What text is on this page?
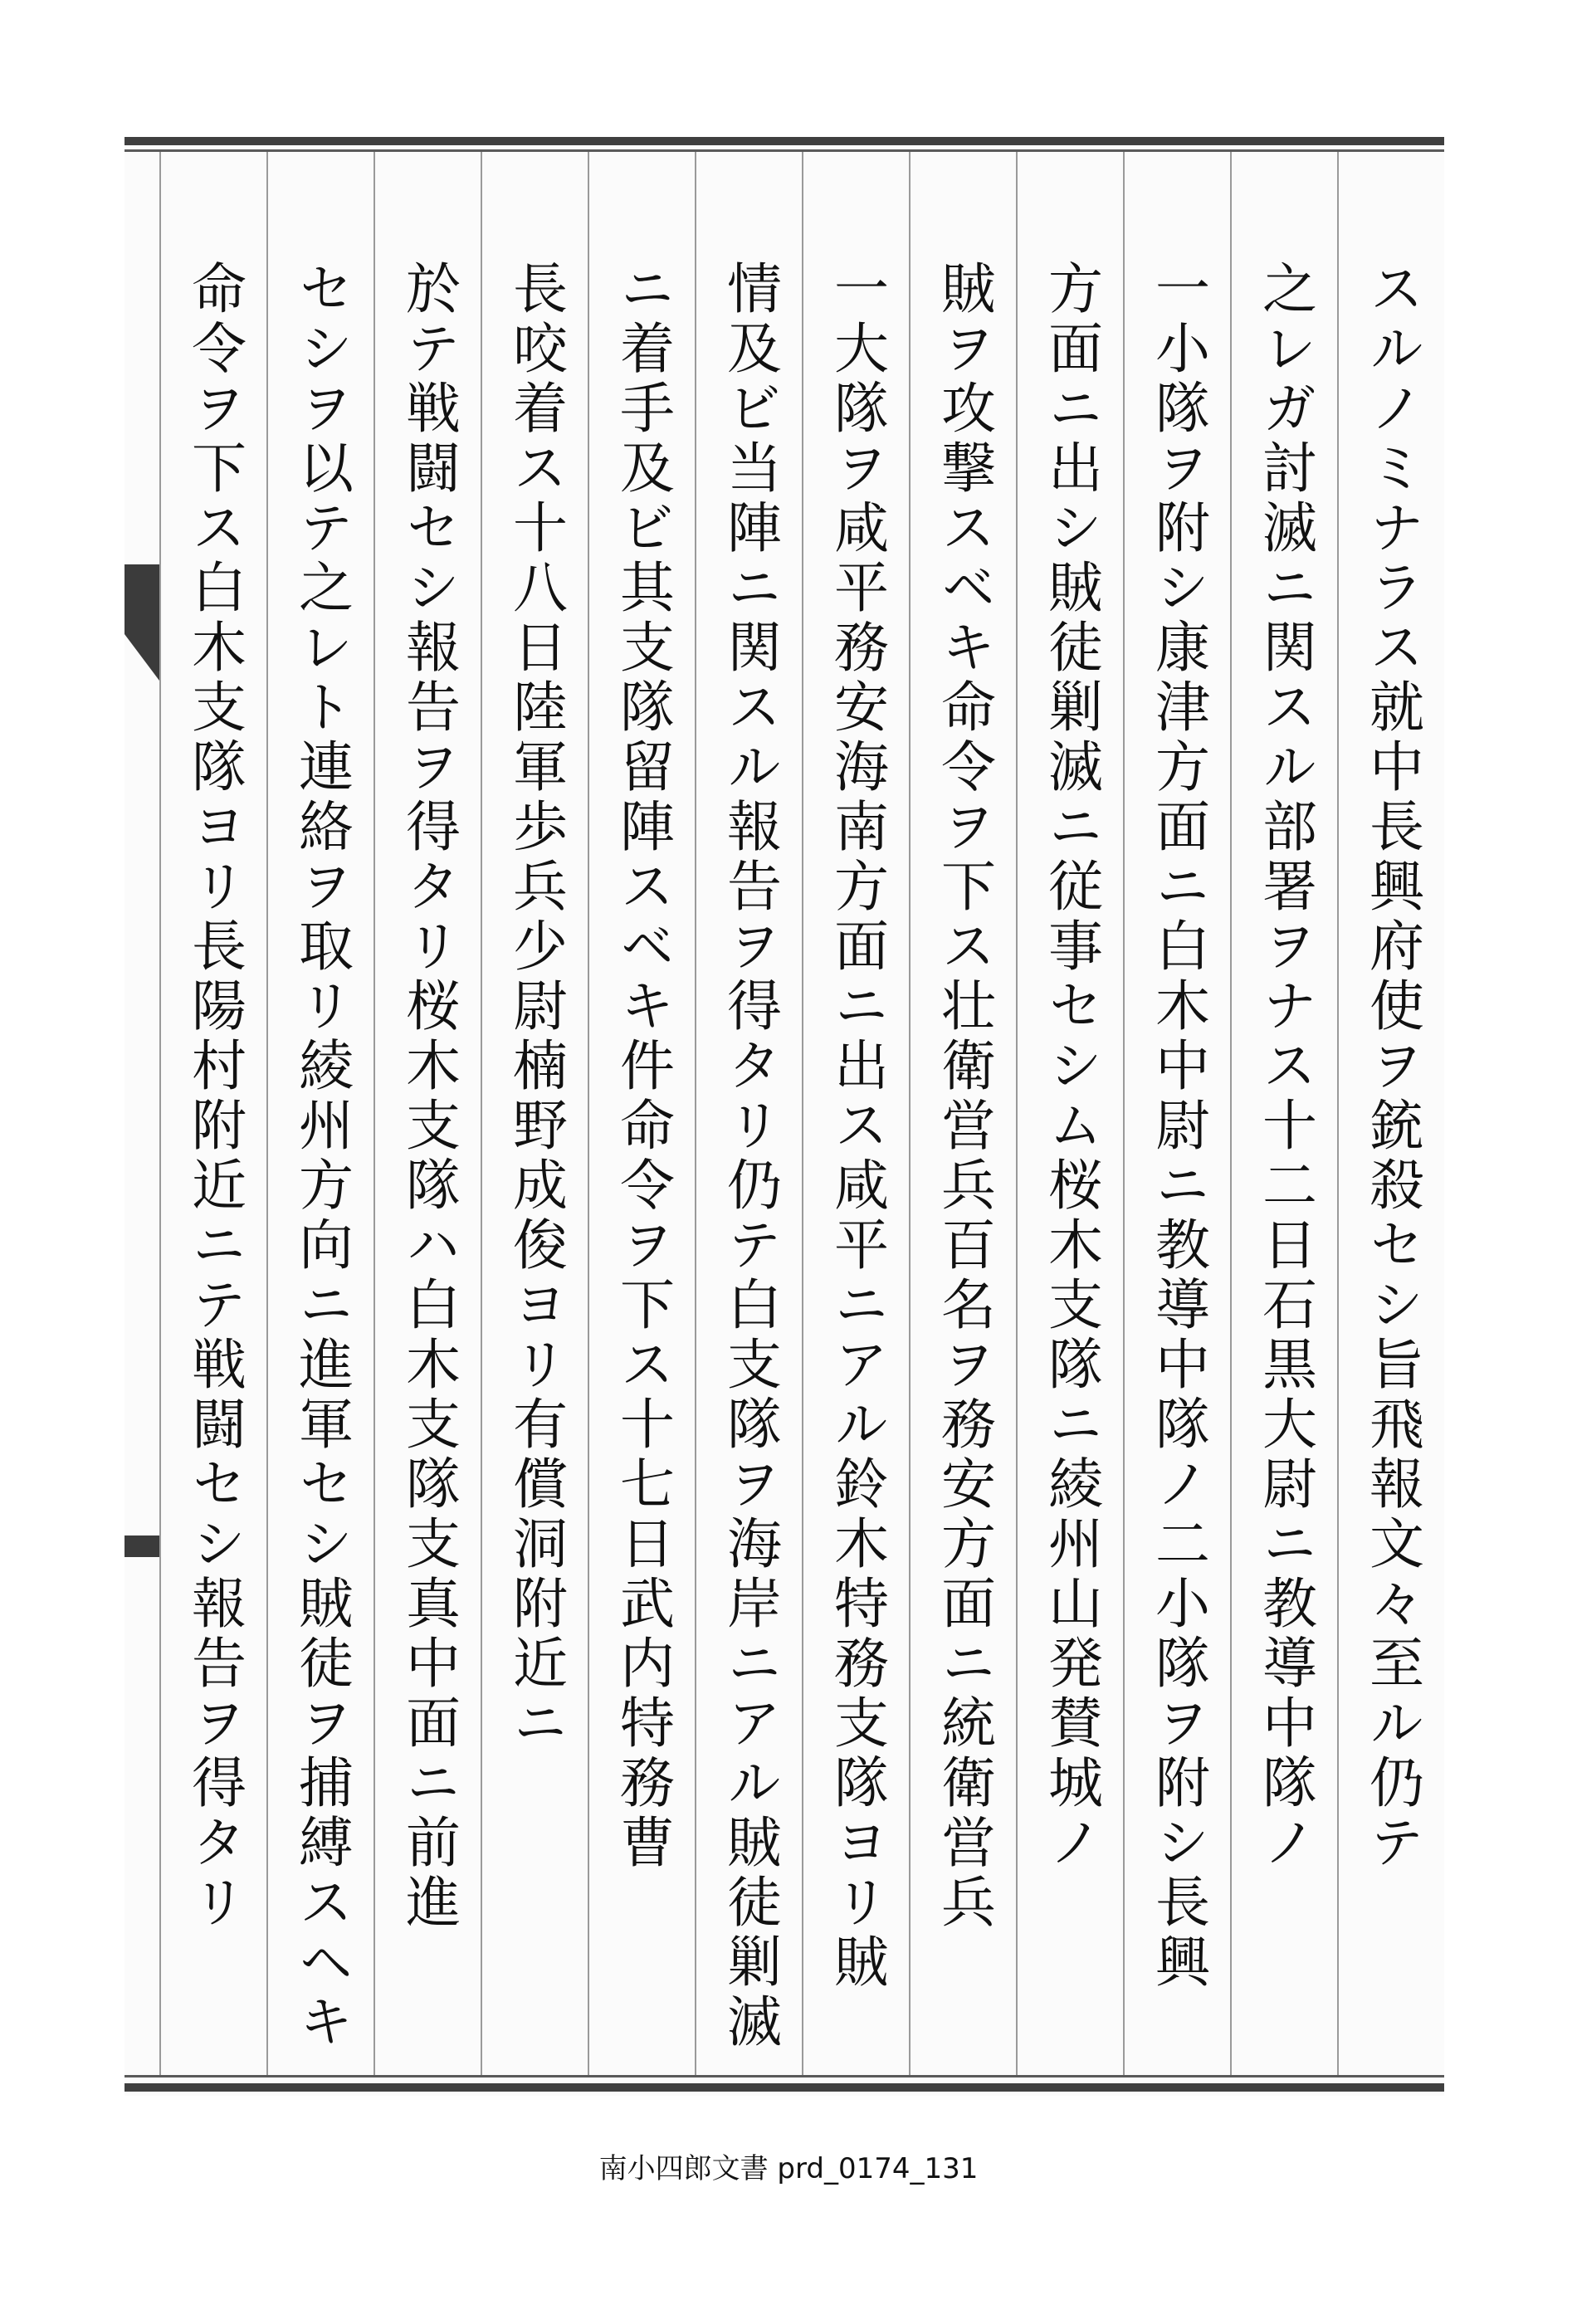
スルノミナラス就中長興府使ヲ銃殺セシ旨飛報文々至ル仍テ
之レガ討滅ニ関スル部署ヲナス十二日石黒大尉ニ教導中隊ノ
一小隊ヲ附シ康津方面ニ白木中尉ニ教導中隊ノ二小隊ヲ附シ長興
方面ニ出シ賊徒剿滅ニ従事セシム桜木支隊ニ綾州山発賛城ノ
賊ヲ攻撃スベキ命令ヲ下ス壮衛営兵百名ヲ務安方面ニ統衛営兵
一大隊ヲ咸平務安海南方面ニ出ス咸平ニアル鈴木特務支隊ヨリ賊
情及ビ当陣ニ関スル報告ヲ得タリ仍テ白支隊ヲ海岸ニアル賊徒剿滅
ニ着手及ビ其支隊留陣スベキ件命令ヲ下ス十七日武内特務曹
長咬着ス十八日陸軍歩兵少尉楠野成俊ヨリ有償洞附近ニ
於テ戦闘セシ報告ヲ得タリ桜木支隊ハ白木支隊支真中面ニ前進
セシヲ以テ之レト連絡ヲ取リ綾州方向ニ進軍セシ賊徒ヲ捕縛スヘキ
命令ヲ下ス白木支隊ヨリ長陽村附近ニテ戦闘セシ報告ヲ得タリ
南小四郎文書 prd_0174_131
